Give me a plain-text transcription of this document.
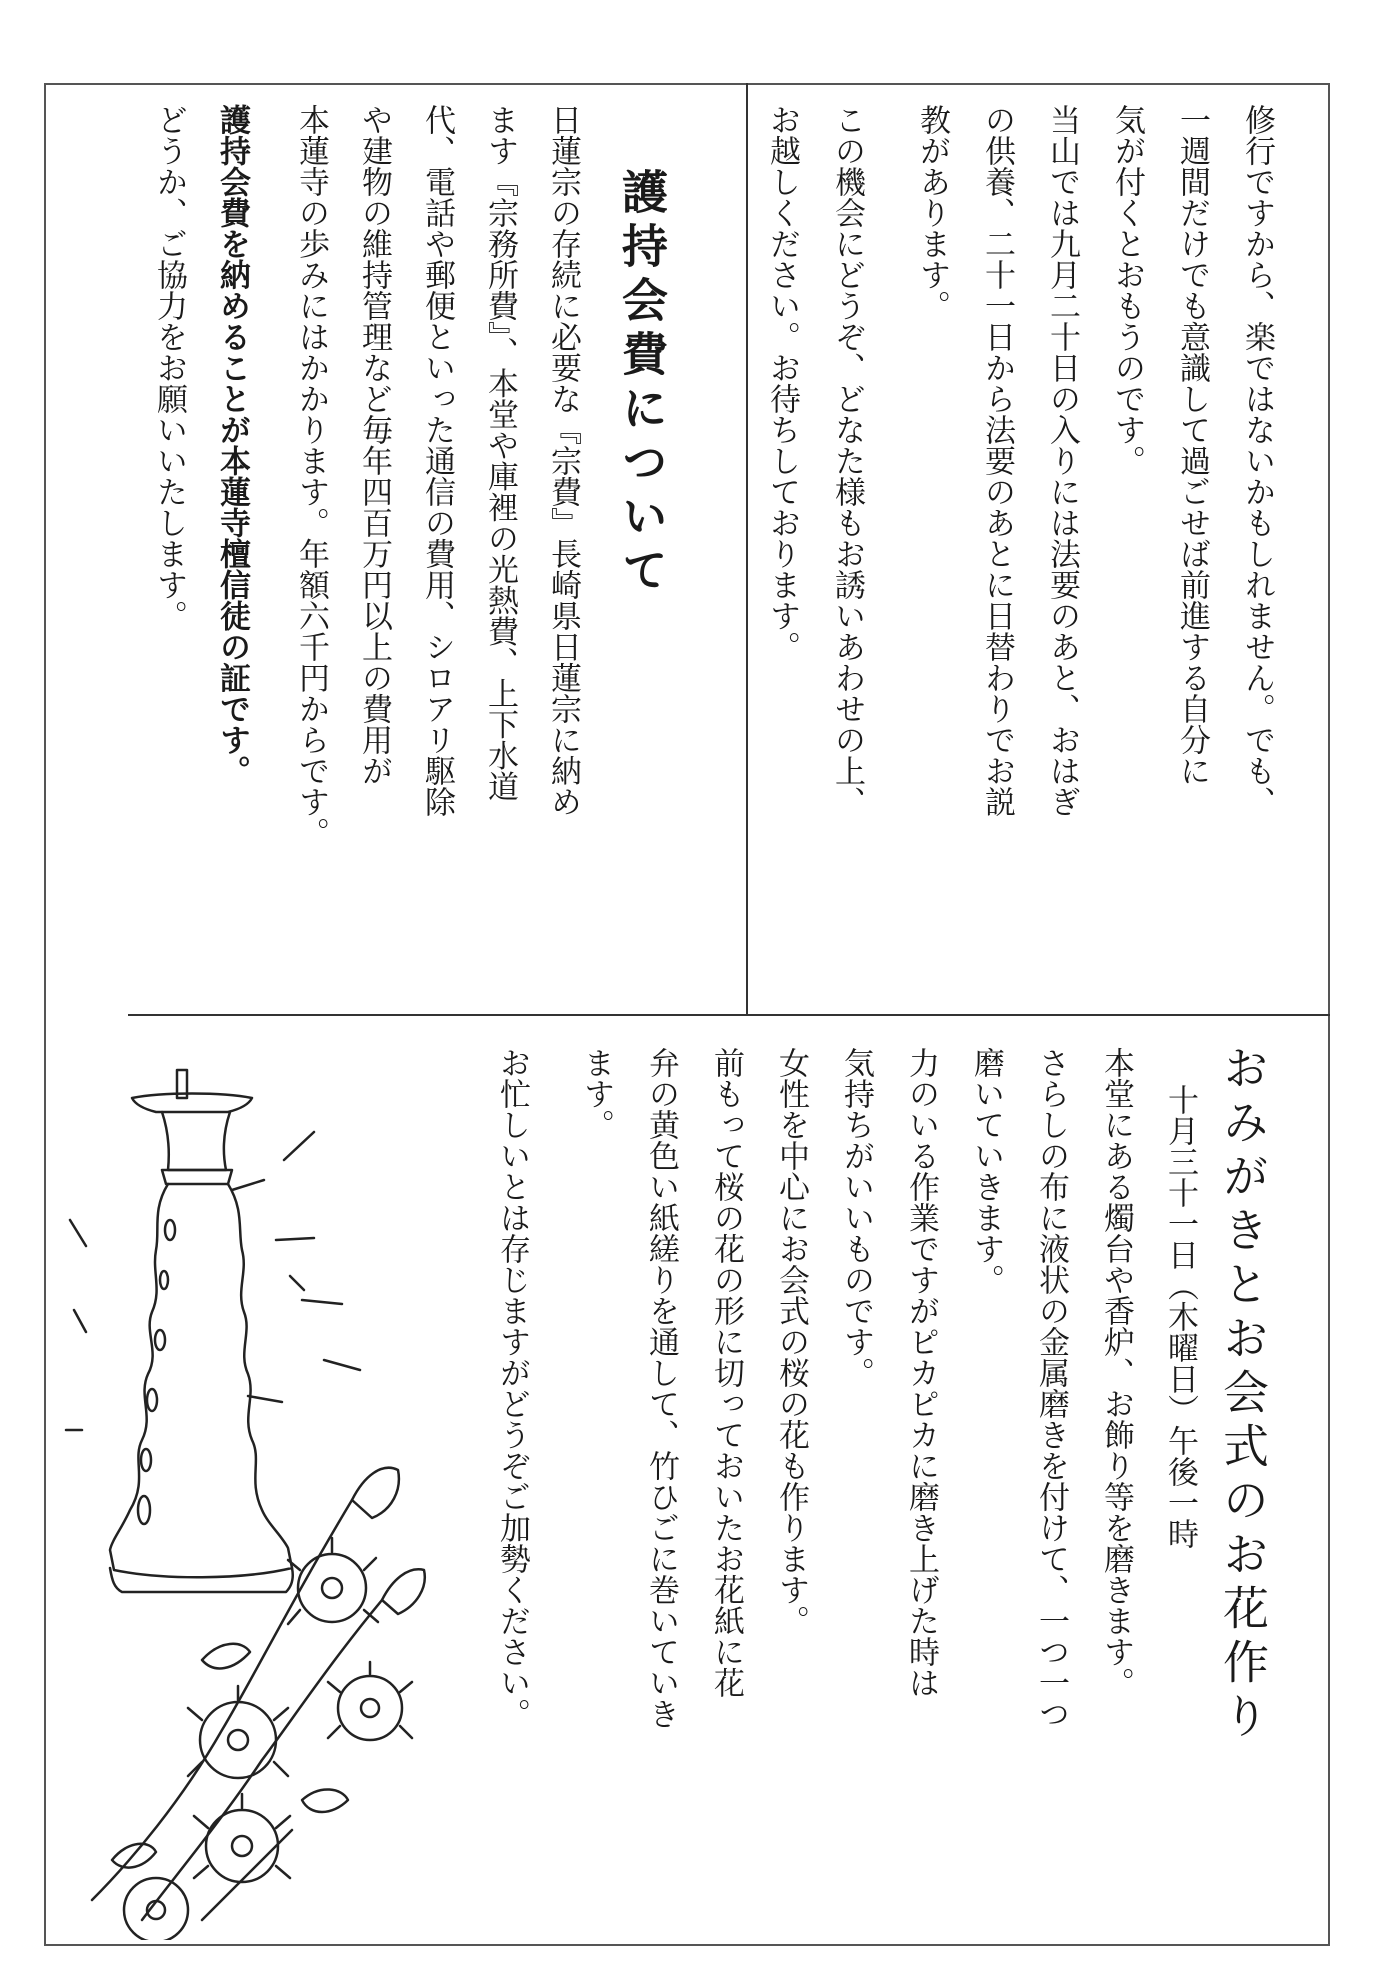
修行ですから、楽ではないかもしれません。でも、
一週間だけでも意識して過ごせば前進する自分に
気が付くとおもうのです。
当山では九月二十日の入りには法要のあと、おはぎ
の供養、二十一日から法要のあとに日替わりでお説
教があります。
この機会にどうぞ、どなた様もお誘いあわせの上、
お越しください。お待ちしております。
護持会費について
日蓮宗の存続に必要な『宗費』長崎県日蓮宗に納め
ます『宗務所費』、本堂や庫裡の光熱費、上下水道
代、電話や郵便といった通信の費用、シロアリ駆除
や建物の維持管理など毎年四百万円以上の費用が
本蓮寺の歩みにはかかります。年額六千円からです。
護持会費を納めることが本蓮寺檀信徒の証です。
どうか、ご協力をお願いいたします。
おみがきとお会式のお花作り
十月三十一日（木曜日）午後一時
本堂にある燭台や香炉、お飾り等を磨きます。
さらしの布に液状の金属磨きを付けて、一つ一つ
磨いていきます。
力のいる作業ですがピカピカに磨き上げた時は
気持ちがいいものです。
女性を中心にお会式の桜の花も作ります。
前もって桜の花の形に切っておいたお花紙に花
弁の黄色い紙縒りを通して、竹ひごに巻いていき
ます。
お忙しいとは存じますがどうぞご加勢ください。
